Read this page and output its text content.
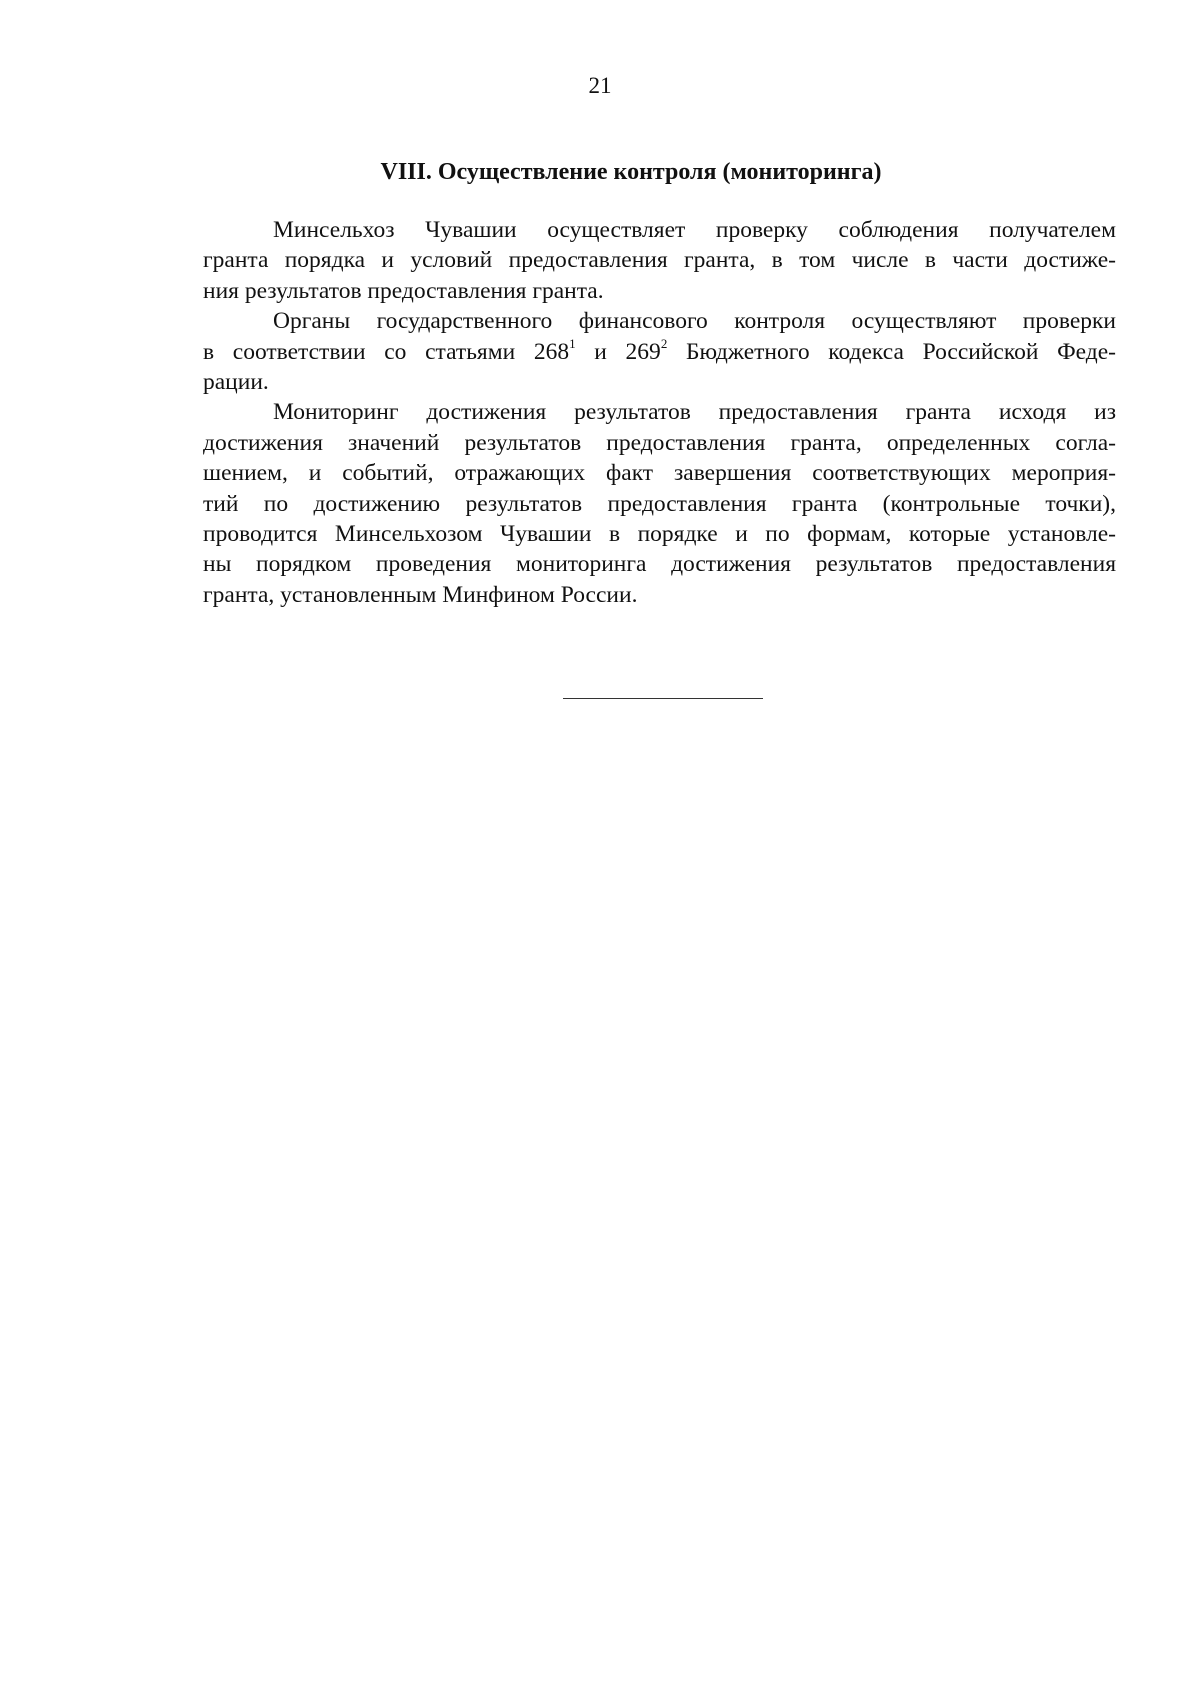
21
VIII. Осуществление контроля (мониторинга)

Минсельхоз Чувашии осуществляет проверку соблюдения получателем
гранта порядка и условий предоставления гранта, в том числе в части достиже-
ния результатов предоставления гранта.

Органы государственного финансового контроля осуществляют проверки
в соответствии со статьями $268^1$ и $269^2$ Бюджетного кодекса Российской Феде-
рации.

Мониторинг достижения результатов предоставления гранта исходя из
достижения значений результатов предоставления гранта, определенных согла-
шением, и событий, отражающих факт завершения соответствующих мероприя-
тий по достижению результатов предоставления гранта (контрольные точки),
проводится Минсельхозом Чувашии в порядке и по формам, которые установле-
ны порядком проведения мониторинга достижения результатов предоставления
гранта, установленным Минфином России.
